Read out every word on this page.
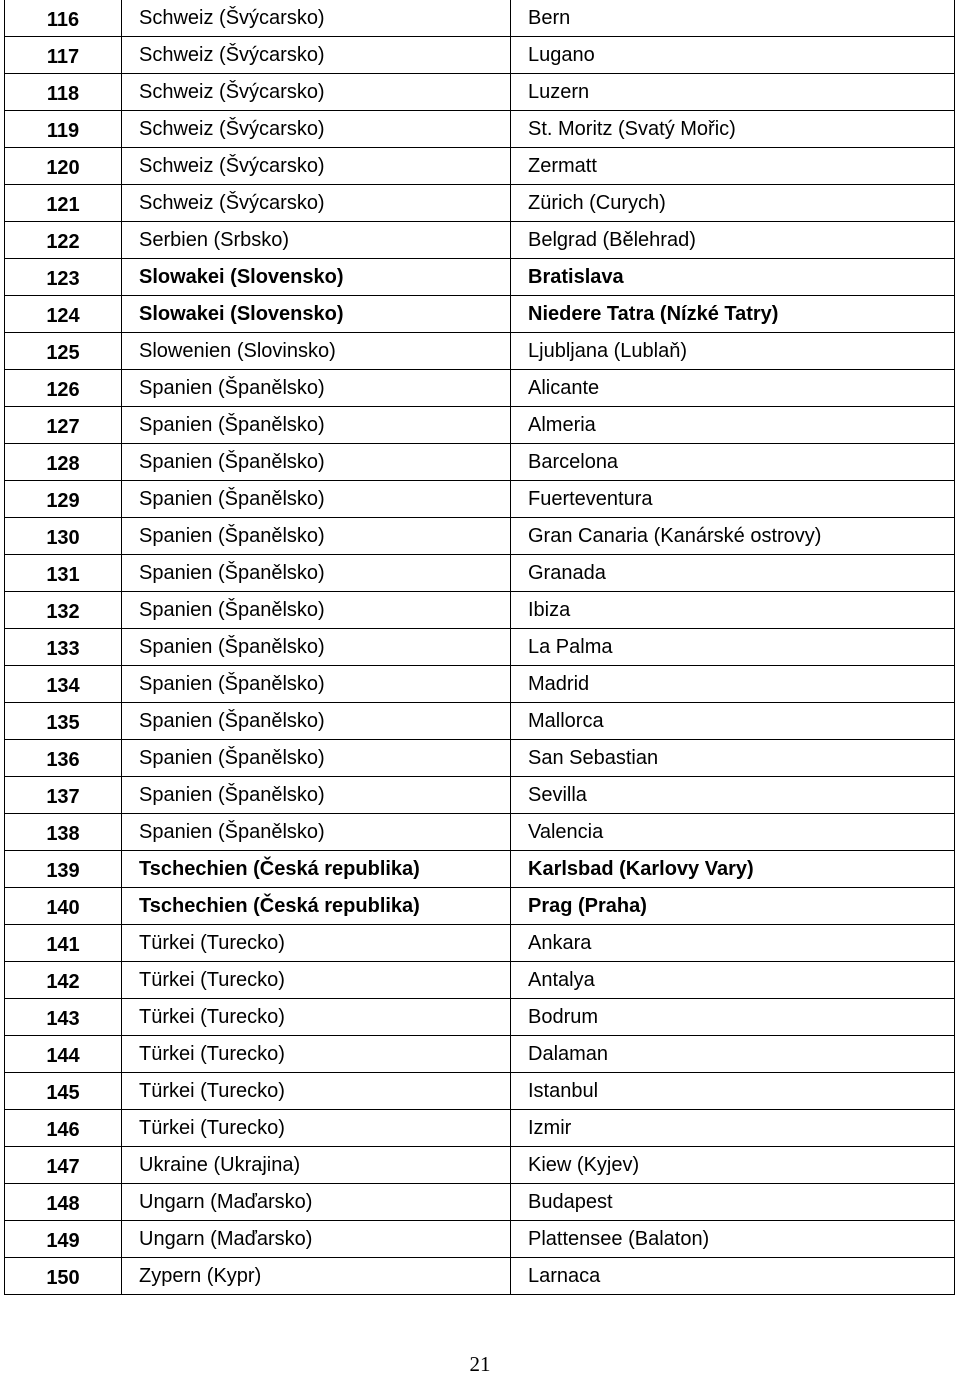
116	Schweiz (Švýcarsko)	Bern
117	Schweiz (Švýcarsko)	Lugano
118	Schweiz (Švýcarsko)	Luzern
119	Schweiz (Švýcarsko)	St. Moritz (Svatý Mořic)
120	Schweiz (Švýcarsko)	Zermatt
121	Schweiz (Švýcarsko)	Zürich (Curych)
122	Serbien (Srbsko)	Belgrad (Bělehrad)
123	Slowakei (Slovensko)	Bratislava
124	Slowakei (Slovensko)	Niedere Tatra (Nízké Tatry)
125	Slowenien (Slovinsko)	Ljubljana (Lublaň)
126	Spanien (Španělsko)	Alicante
127	Spanien (Španělsko)	Almeria
128	Spanien (Španělsko)	Barcelona
129	Spanien (Španělsko)	Fuerteventura
130	Spanien (Španělsko)	Gran Canaria (Kanárské ostrovy)
131	Spanien (Španělsko)	Granada
132	Spanien (Španělsko)	Ibiza
133	Spanien (Španělsko)	La Palma
134	Spanien (Španělsko)	Madrid
135	Spanien (Španělsko)	Mallorca
136	Spanien (Španělsko)	San Sebastian
137	Spanien (Španělsko)	Sevilla
138	Spanien (Španělsko)	Valencia
139	Tschechien (Česká republika)	Karlsbad (Karlovy Vary)
140	Tschechien (Česká republika)	Prag (Praha)
141	Türkei (Turecko)	Ankara
142	Türkei (Turecko)	Antalya
143	Türkei (Turecko)	Bodrum
144	Türkei (Turecko)	Dalaman
145	Türkei (Turecko)	Istanbul
146	Türkei (Turecko)	Izmir
147	Ukraine (Ukrajina)	Kiew (Kyjev)
148	Ungarn (Maďarsko)	Budapest
149	Ungarn (Maďarsko)	Plattensee (Balaton)
150	Zypern (Kypr)	Larnaca
21
